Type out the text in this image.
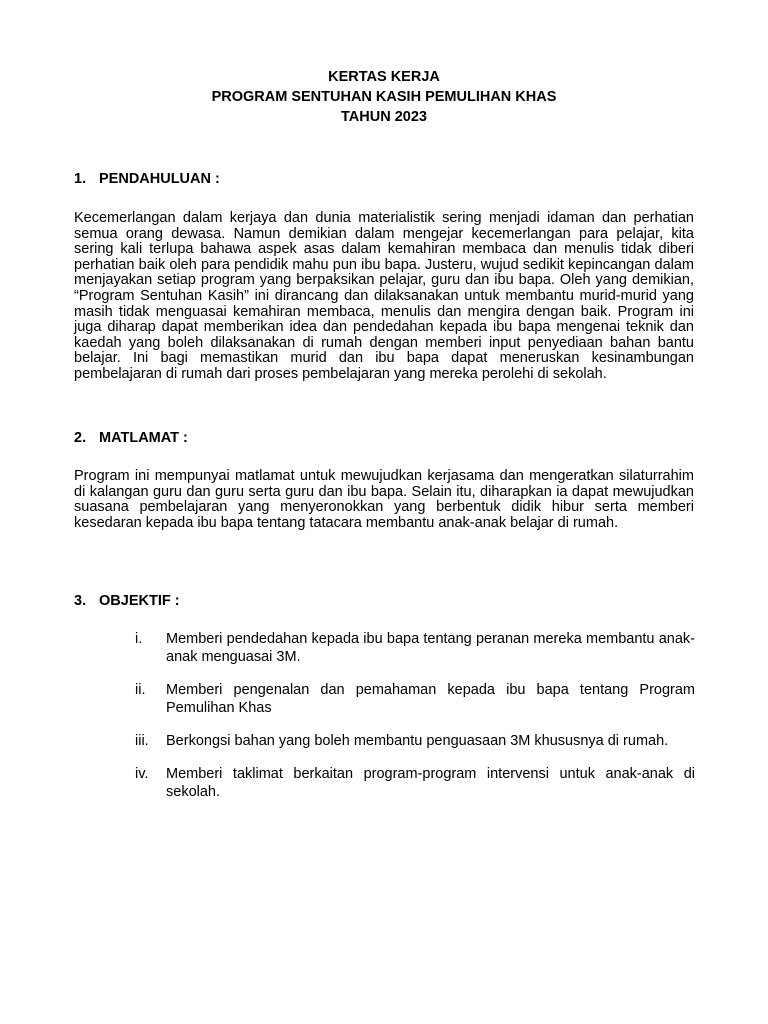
KERTAS KERJA
PROGRAM SENTUHAN KASIH PEMULIHAN KHAS
TAHUN 2023
1. PENDAHULUAN :

Kecemerlangan dalam kerjaya dan dunia materialistik sering menjadi idaman dan perhatian semua orang dewasa. Namun demikian dalam mengejar kecemerlangan para pelajar, kita sering kali terlupa bahawa aspek asas dalam kemahiran membaca dan menulis tidak diberi perhatian baik oleh para pendidik mahu pun ibu bapa. Justeru, wujud sedikit kepincangan dalam menjayakan setiap program yang berpaksikan pelajar, guru dan ibu bapa. Oleh yang demikian, “Program Sentuhan Kasih” ini dirancang dan dilaksanakan untuk membantu murid-murid yang masih tidak menguasai kemahiran membaca, menulis dan mengira dengan baik. Program ini juga diharap dapat memberikan idea dan pendedahan kepada ibu bapa mengenai teknik dan kaedah yang boleh dilaksanakan di rumah dengan memberi input penyediaan bahan bantu belajar. Ini bagi memastikan murid dan ibu bapa dapat meneruskan kesinambungan pembelajaran di rumah dari proses pembelajaran yang mereka perolehi di sekolah.

2. MATLAMAT :

Program ini mempunyai matlamat untuk mewujudkan kerjasama dan mengeratkan silaturrahim di kalangan guru dan guru serta guru dan ibu bapa. Selain itu, diharapkan ia dapat mewujudkan suasana pembelajaran yang menyeronokkan yang berbentuk didik hibur serta memberi kesedaran kepada ibu bapa tentang tatacara membantu anak-anak belajar di rumah.

3. OBJEKTIF :
i. Memberi pendedahan kepada ibu bapa tentang peranan mereka membantu anak-anak menguasai 3M.
ii. Memberi pengenalan dan pemahaman kepada ibu bapa tentang Program Pemulihan Khas
iii. Berkongsi bahan yang boleh membantu penguasaan 3M khususnya di rumah.
iv. Memberi taklimat berkaitan program-program intervensi untuk anak-anak di sekolah.
